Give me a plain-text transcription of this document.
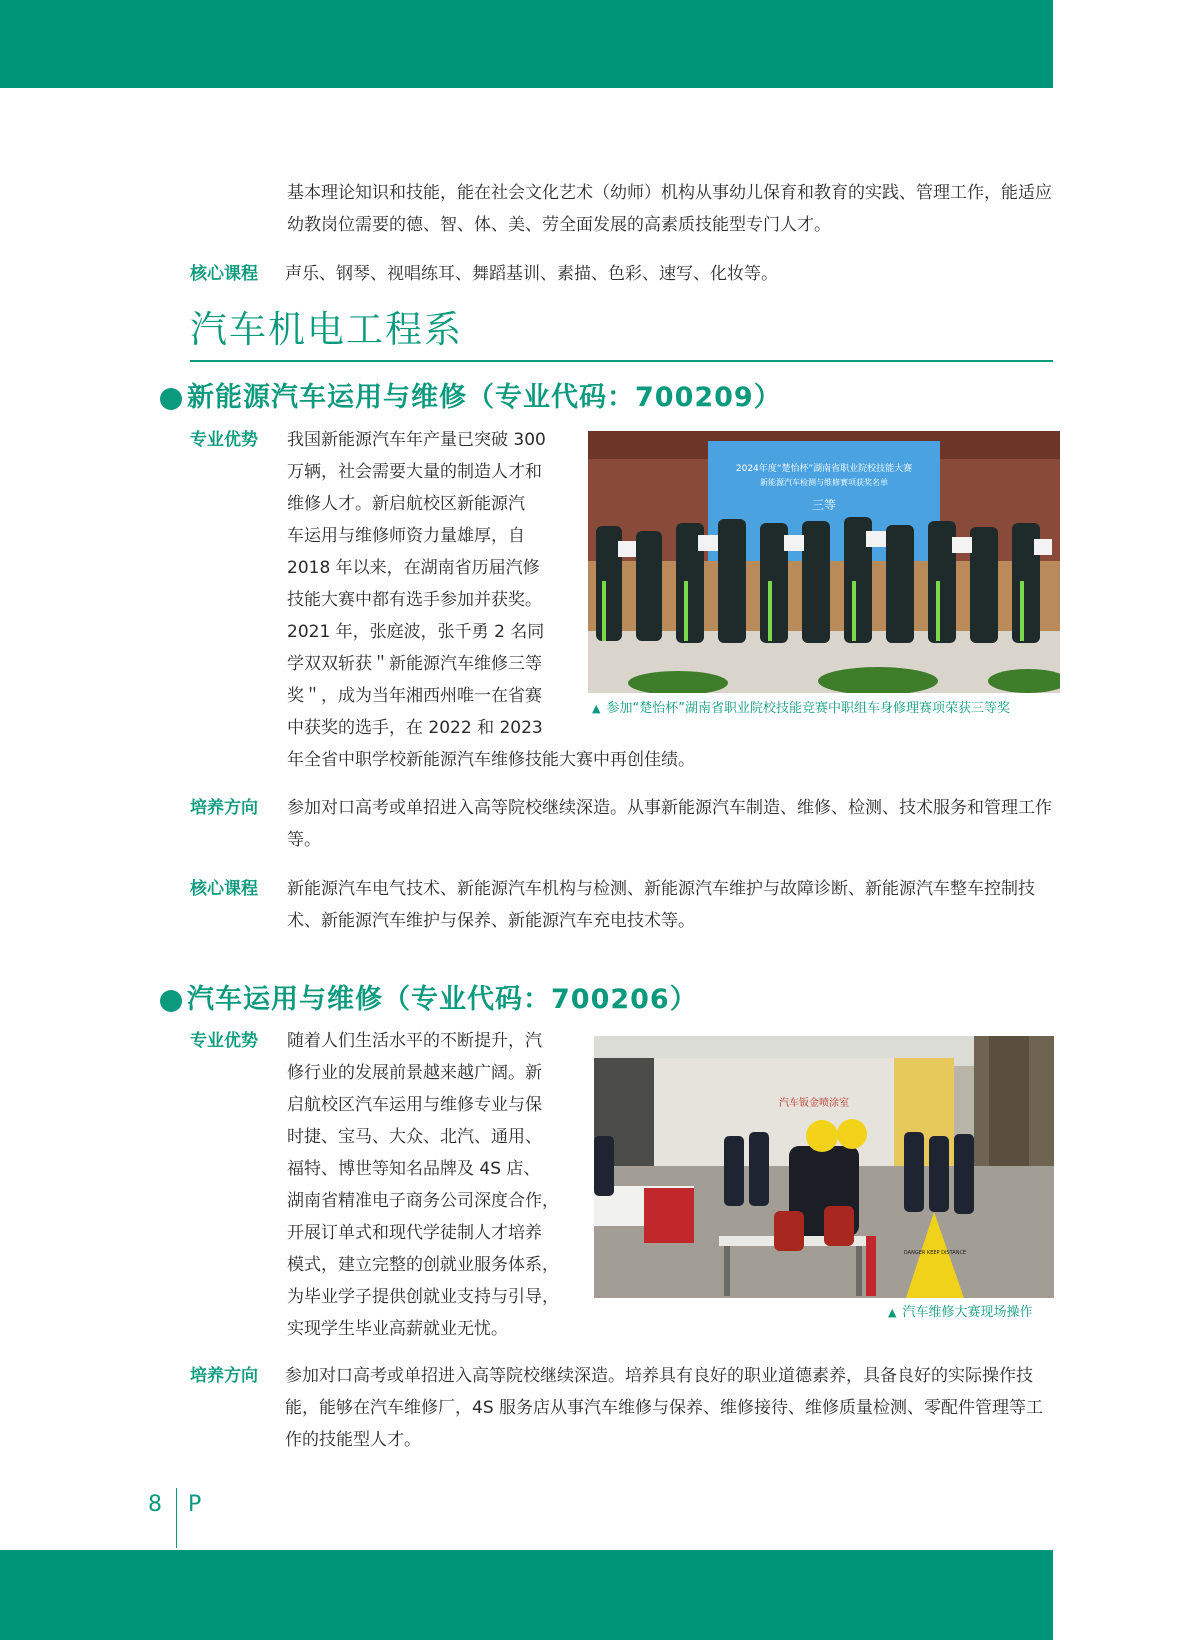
基本理论知识和技能，能在社会文化艺术（幼师）机构从事幼儿保育和教育的实践、管理工作，能适应幼教岗位需要的德、智、体、美、劳全面发展的高素质技能型专门人才。

核心课程 声乐、钢琴、视唱练耳、舞蹈基训、素描、色彩、速写、化妆等。

汽车机电工程系
新能源汽车运用与维修（专业代码：700209）
专业优势 我国新能源汽车年产量已突破 300
万辆，社会需要大量的制造人才和
维修人才。新启航校区新能源汽
车运用与维修师资力量雄厚，自
2018 年以来，在湖南省历届汽修
技能大赛中都有选手参加并获奖。
2021 年，张庭波，张千勇 2 名同
学双双斩获＂新能源汽车维修三等
奖＂，成为当年湘西州唯一在省赛
中获奖的选手，在 2022 和 2023
年全省中职学校新能源汽车维修技能大赛中再创佳绩。
2024年度“楚怡杯”湖南省职业院校技能大赛
新能源汽车检测与维修赛项获奖名单
三等
▲ 参加“楚怡杯”湖南省职业院校技能竞赛中职组车身修理赛项荣获三等奖
培养方向 参加对口高考或单招进入高等院校继续深造。从事新能源汽车制造、维修、检测、技术服务和管理工作等。

核心课程 新能源汽车电气技术、新能源汽车机构与检测、新能源汽车维护与故障诊断、新能源汽车整车控制技术、新能源汽车维护与保养、新能源汽车充电技术等。

汽车运用与维修（专业代码：700206）
专业优势 随着人们生活水平的不断提升，汽
修行业的发展前景越来越广阔。新
启航校区汽车运用与维修专业与保
时捷、宝马、大众、北汽、通用、
福特、博世等知名品牌及 4S 店、
湖南省精准电子商务公司深度合作，
开展订单式和现代学徒制人才培养
模式，建立完整的创就业服务体系，
为毕业学子提供创就业支持与引导，
实现学生毕业高薪就业无忧。
DANGER KEEP DISTANCE
汽车钣金喷涂室
▲ 汽车维修大赛现场操作
培养方向 参加对口高考或单招进入高等院校继续深造。培养具有良好的职业道德素养，具备良好的实际操作技能，能够在汽车维修厂，4S 服务店从事汽车维修与保养、维修接待、维修质量检测、零配件管理等工作的技能型人才。

8 P
